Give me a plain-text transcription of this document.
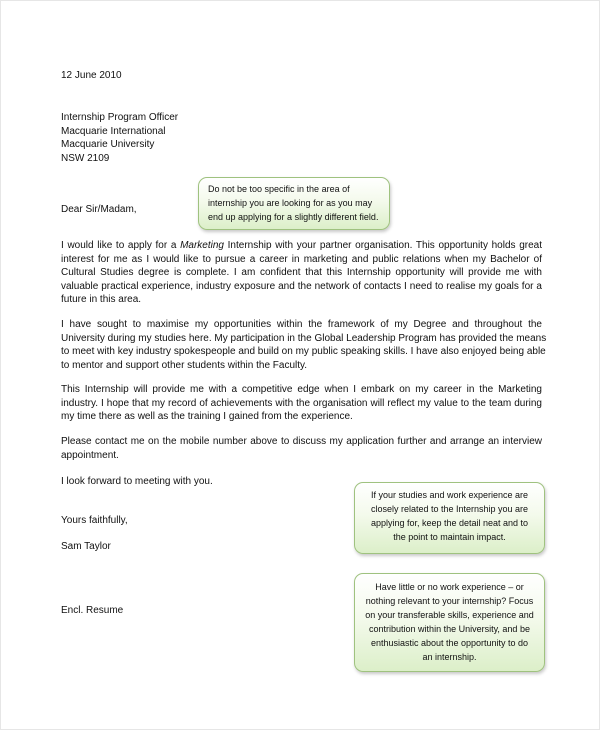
12 June 2010
Internship Program Officer
Macquarie International
Macquarie University
NSW 2109
Dear Sir/Madam,
I would like to apply for a Marketing Internship with your partner organisation. This opportunity holds great
interest for me as I would like to pursue a career in marketing and public relations when my Bachelor of
Cultural Studies degree is complete. I am confident that this Internship opportunity will provide me with
valuable practical experience, industry exposure and the network of contacts I need to realise my goals for a
future in this area.
I have sought to maximise my opportunities within the framework of my Degree and throughout the
University during my studies here. My participation in the Global Leadership Program has provided the means
to meet with key industry spokespeople and build on my public speaking skills. I have also enjoyed being able
to mentor and support other students within the Faculty.
This Internship will provide me with a competitive edge when I embark on my career in the Marketing
industry. I hope that my record of achievements with the organisation will reflect my value to the team during
my time there as well as the training I gained from the experience.
Please contact me on the mobile number above to discuss my application further and arrange an interview
appointment.
I look forward to meeting with you.
Yours faithfully,
Sam Taylor
Encl. Resume
Do not be too specific in the area of
internship you are looking for as you may
end up applying for a slightly different field.
If your studies and work experience are
closely related to the Internship you are
applying for, keep the detail neat and to
the point to maintain impact.
Have little or no work experience – or
nothing relevant to your internship? Focus
on your transferable skills, experience and
contribution within the University, and be
enthusiastic about the opportunity to do
an internship.
